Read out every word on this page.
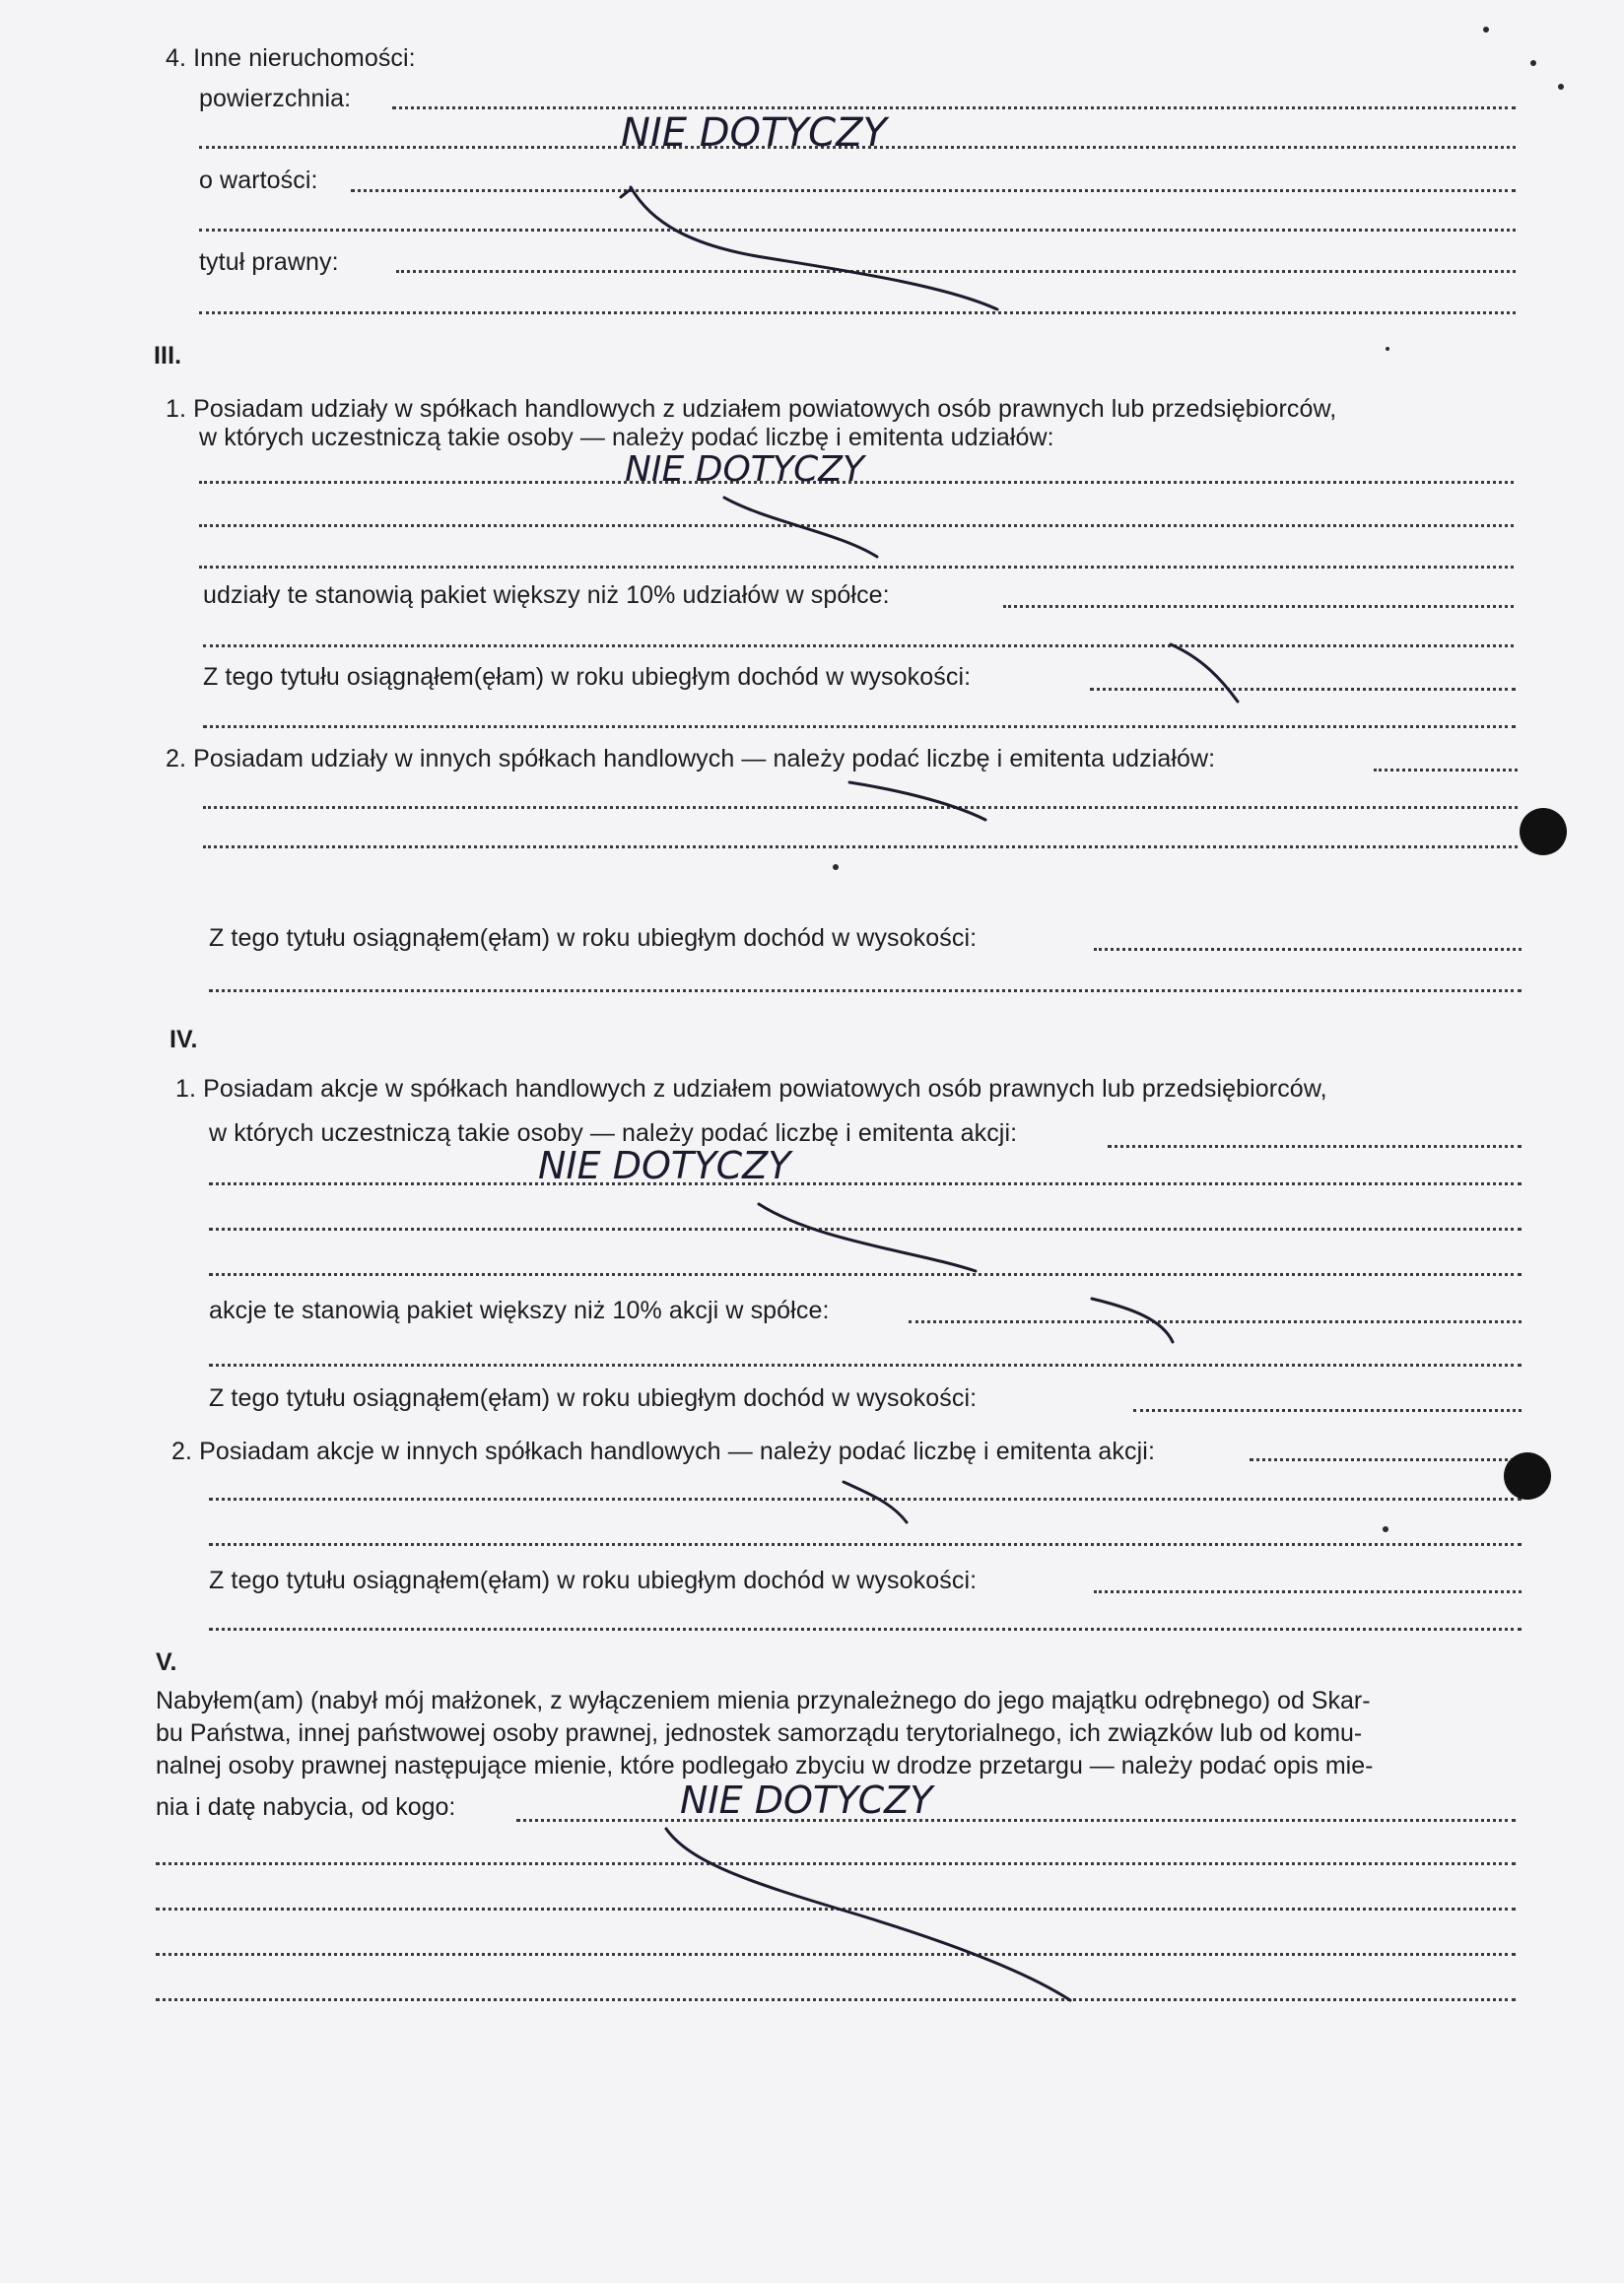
4. Inne nieruchomości:
powierzchnia:
o wartości:
tytuł prawny:
III.
1. Posiadam udziały w spółkach handlowych z udziałem powiatowych osób prawnych lub przedsiębiorców,
w których uczestniczą takie osoby — należy podać liczbę i emitenta udziałów:
udziały te stanowią pakiet większy niż 10% udziałów w spółce:
Z tego tytułu osiągnąłem(ęłam) w roku ubiegłym dochód w wysokości:
2. Posiadam udziały w innych spółkach handlowych — należy podać liczbę i emitenta udziałów:
Z tego tytułu osiągnąłem(ęłam) w roku ubiegłym dochód w wysokości:
IV.
1. Posiadam akcje w spółkach handlowych z udziałem powiatowych osób prawnych lub przedsiębiorców,
w których uczestniczą takie osoby — należy podać liczbę i emitenta akcji:
akcje te stanowią pakiet większy niż 10% akcji w spółce:
Z tego tytułu osiągnąłem(ęłam) w roku ubiegłym dochód w wysokości:
2. Posiadam akcje w innych spółkach handlowych — należy podać liczbę i emitenta akcji:
Z tego tytułu osiągnąłem(ęłam) w roku ubiegłym dochód w wysokości:
V.
Nabyłem(am) (nabył mój małżonek, z wyłączeniem mienia przynależnego do jego majątku odrębnego) od Skar-
bu Państwa, innej państwowej osoby prawnej, jednostek samorządu terytorialnego, ich związków lub od komu-
nalnej osoby prawnej następujące mienie, które podlegało zbyciu w drodze przetargu — należy podać opis mie-
nia i datę nabycia, od kogo:
NIE DOTYCZY
NIE DOTYCZY
NIE DOTYCZY
NIE DOTYCZY
